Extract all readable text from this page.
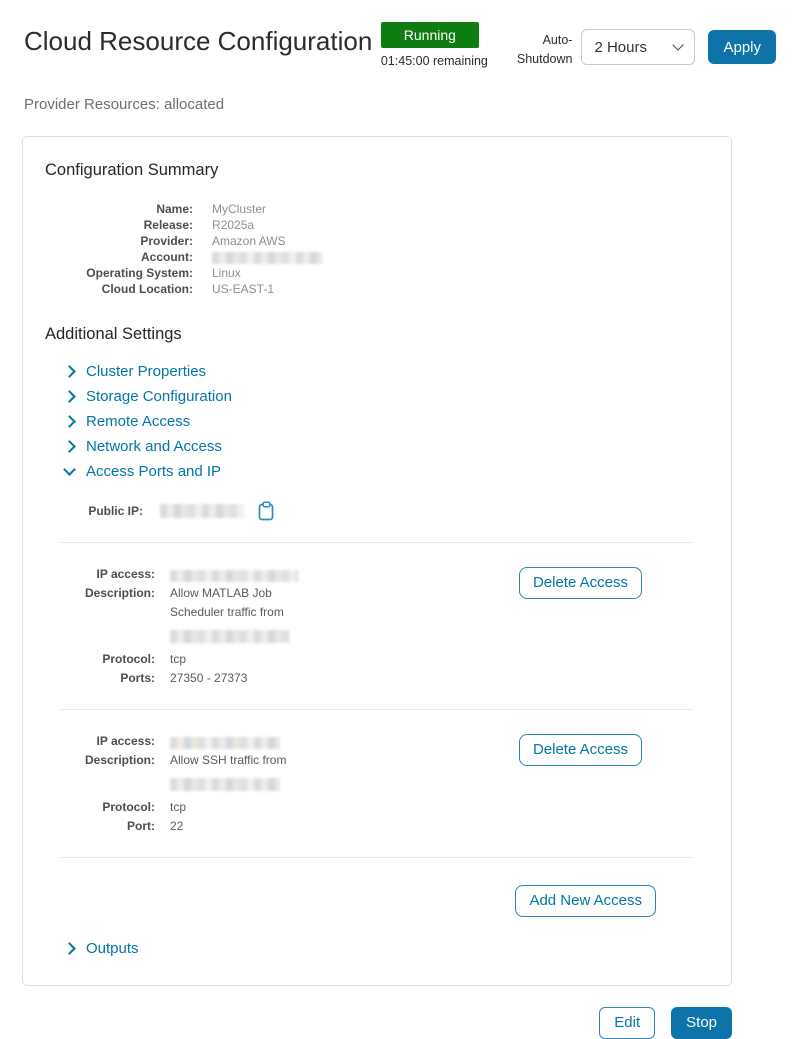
Cloud Resource Configuration	Running
01:45:00 remaining
Auto-
Shutdown
2 Hours	Apply
Provider Resources: allocated
Configuration Summary
Name: MyCluster
Release: R2025a
Provider: Amazon AWS
Account:
Operating System: Linux
Cloud Location: US-EAST-1
Additional Settings
Cluster Properties
Storage Configuration
Remote Access
Network and Access
Access Ports and IP
Public IP:
IP access:
Description: Allow MATLAB Job
Scheduler traffic from
Protocol: tcp
Ports: 27350 - 27373
Delete Access
IP access:
Description: Allow SSH traffic from
Protocol: tcp
Port: 22
Delete Access
Add New Access
Outputs
Edit	Stop
